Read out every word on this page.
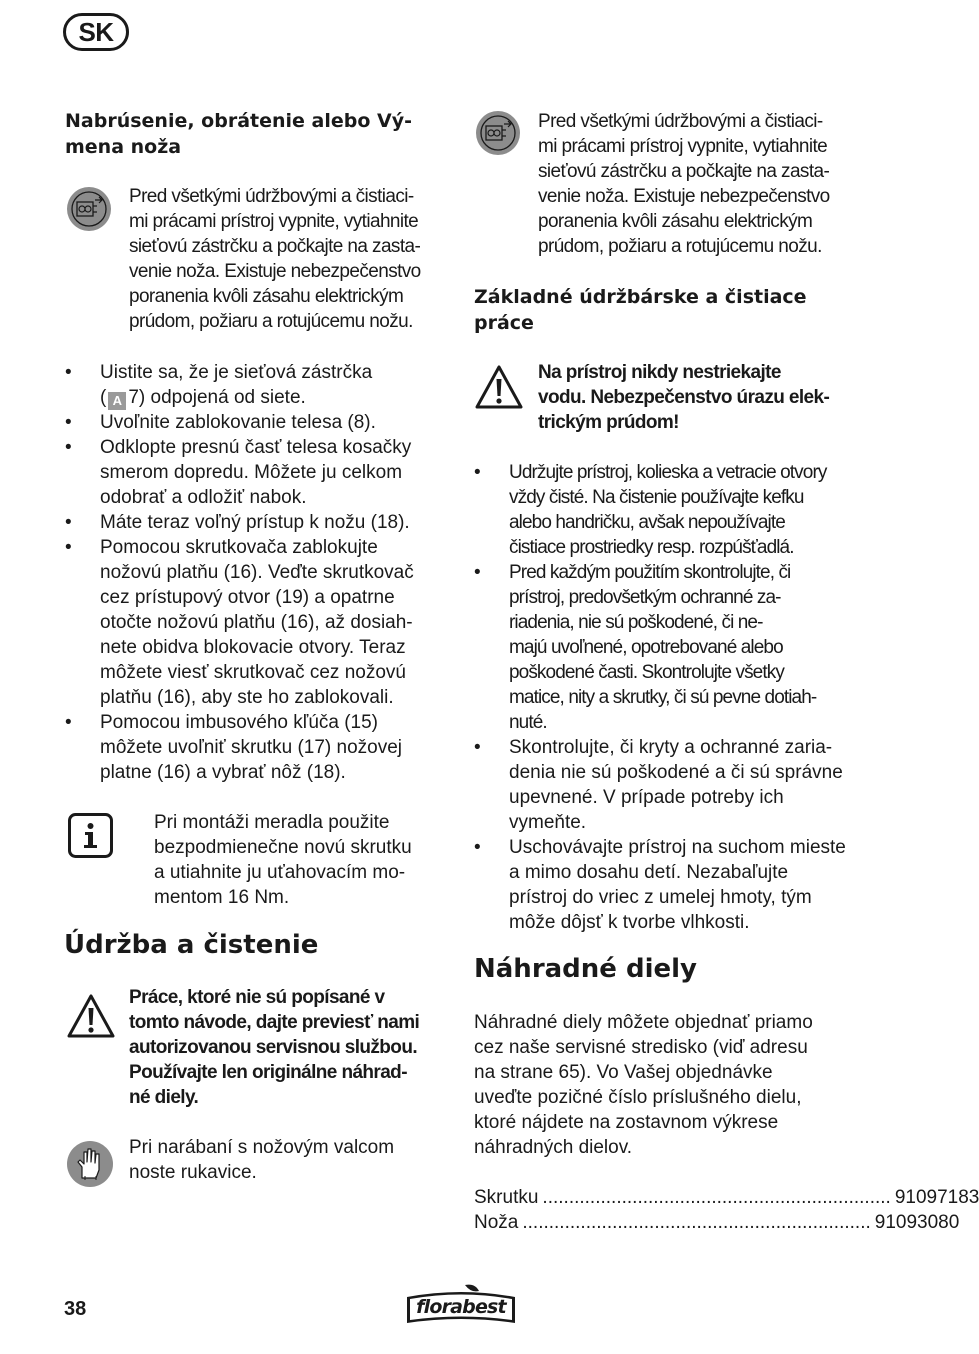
SK
Nabrúsenie, obrátenie alebo Vý-
mena noža
Pred všetkými údržbovými a čistiaci-
mi prácami prístroj vypnite, vytiahnite
sieťovú zástrčku a počkajte na zasta-
venie noža. Existuje nebezpečenstvo
poranenia kvôli zásahu elektrickým
prúdom, požiaru a rotujúcemu nožu.
• Uistite sa, že je sieťová zástrčka
( A 7) odpojená od siete.
• Uvoľnite zablokovanie telesa (8).
• Odklopte presnú časť telesa kosačky
smerom dopredu. Môžete ju celkom
odobrať a odložiť nabok.
• Máte teraz voľný prístup k nožu (18).
• Pomocou skrutkovača zablokujte
nožovú platňu (16). Veďte skrutkovač
cez prístupový otvor (19) a opatrne
otočte nožovú platňu (16), až dosiah-
nete obidva blokovacie otvory. Teraz
môžete viesť skrutkovač cez nožovú
platňu (16), aby ste ho zablokovali.
• Pomocou imbusového kľúča (15)
môžete uvoľniť skrutku (17) nožovej
platne (16) a vybrať nôž (18).
Pri montáži meradla použite
bezpodmienečne novú skrutku
a utiahnite ju uťahovacím mo-
mentom 16 Nm.
Údržba a čistenie
Práce, ktoré nie sú popísané v
tomto návode, dajte previesť nami
autorizovanou servisnou službou.
Používajte len originálne náhrad-
né diely.
Pri narábaní s nožovým valcom
noste rukavice.
Pred všetkými údržbovými a čistiaci-
mi prácami prístroj vypnite, vytiahnite
sieťovú zástrčku a počkajte na zasta-
venie noža. Existuje nebezpečenstvo
poranenia kvôli zásahu elektrickým
prúdom, požiaru a rotujúcemu nožu.
Základné údržbárske a čistiace
práce
Na prístroj nikdy nestriekajte
vodu. Nebezpečenstvo úrazu elek-
trickým prúdom!
• Udržujte prístroj, kolieska a vetracie otvory
vždy čisté. Na čistenie používajte kefku
alebo handričku, avšak nepoužívajte
čistiace prostriedky resp. rozpúšťadlá.
• Pred každým použitím skontrolujte, či
prístroj, predovšetkým ochranné za-
riadenia, nie sú poškodené, či ne-
majú uvoľnené, opotrebované alebo
poškodené časti. Skontrolujte všetky
matice, nity a skrutky, či sú pevne dotiah-
nuté.
• Skontrolujte, či kryty a ochranné zaria-
denia nie sú poškodené a či sú správne
upevnené. V prípade potreby ich
vymeňte.
• Uschovávajte prístroj na suchom mieste
a mimo dosahu detí. Nezabaľujte
prístroj do vriec z umelej hmoty, tým
môže dôjsť k tvorbe vlhkosti.
Náhradné diely
Náhradné diely môžete objednať priamo
cez naše servisné stredisko (viď adresu
na strane 65). Vo Vašej objednávke
uveďte pozičné číslo príslušného dielu,
ktoré nájdete na zostavnom výkrese
náhradných dielov.
Skrutku .................................................................. 91097183
Noža .................................................................. 91093080
38	florabest
